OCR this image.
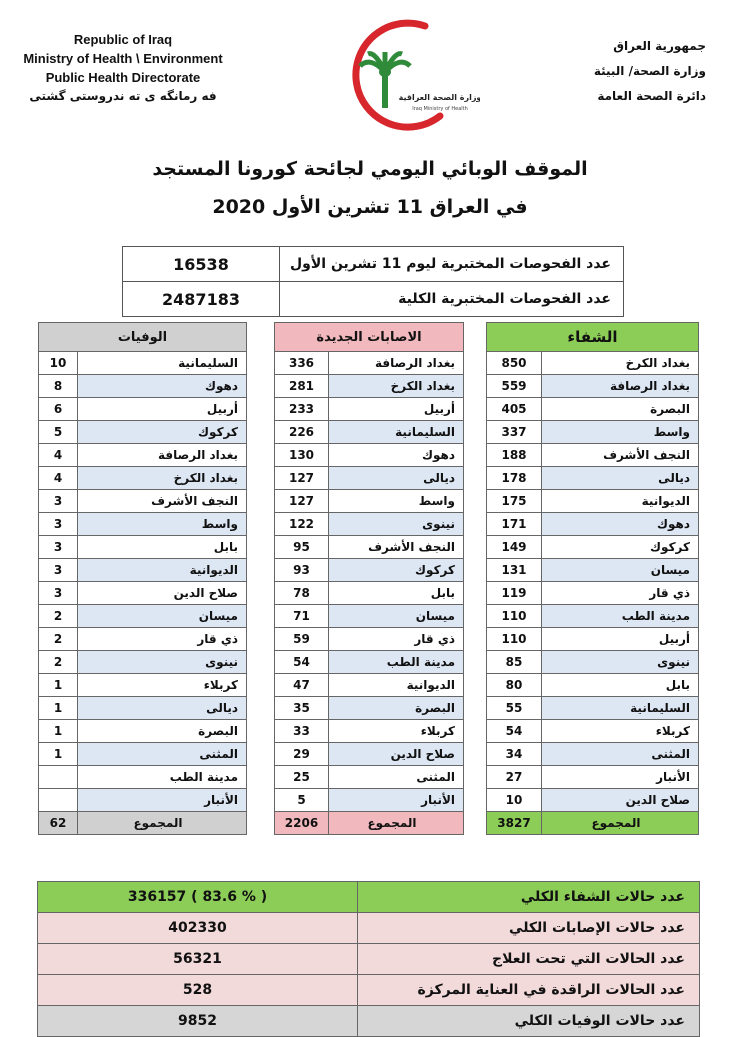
Republic of Iraq
Ministry of Health \ Environment
Public Health Directorate
فه رمانگه ی ته ندروستی گشتی
جمهورية العراق
وزارة الصحة/ البيئة
دائرة الصحة العامة
وزارة الصحة العراقية
Iraq Ministry of Health
الموقف الوبائي اليومي لجائحة كورونا المستجد
في العراق 11 تشرين الأول 2020
عدد الفحوصات المختبرية ليوم 11 تشرين الأول	16538
عدد الفحوصات المختبرية الكلية	2487183
الشفاء	
بغداد الكرخ	850
بغداد الرصافة	559
البصرة	405
واسط	337
النجف الأشرف	188
ديالى	178
الديوانية	175
دهوك	171
كركوك	149
ميسان	131
ذي قار	119
مدينة الطب	110
أربيل	110
نينوى	85
بابل	80
السليمانية	55
كربلاء	54
المثنى	34
الأنبار	27
صلاح الدين	10
المجموع	3827
الاصابات الجديدة	
بغداد الرصافة	336
بغداد الكرخ	281
أربيل	233
السليمانية	226
دهوك	130
ديالى	127
واسط	127
نينوى	122
النجف الأشرف	95
كركوك	93
بابل	78
ميسان	71
ذي قار	59
مدينة الطب	54
الديوانية	47
البصرة	35
كربلاء	33
صلاح الدين	29
المثنى	25
الأنبار	5
المجموع	2206
الوفيات	
السليمانية	10
دهوك	8
أربيل	6
كركوك	5
بغداد الرصافة	4
بغداد الكرخ	4
النجف الأشرف	3
واسط	3
بابل	3
الديوانية	3
صلاح الدين	3
ميسان	2
ذي قار	2
نينوى	2
كربلاء	1
ديالى	1
البصرة	1
المثنى	1
مدينة الطب	
الأنبار	
المجموع	62
عدد حالات الشفاء الكلي	336157 ( 83.6 % )
عدد حالات الإصابات الكلي	402330
عدد الحالات التي تحت العلاج	56321
عدد الحالات الراقدة في العناية المركزة	528
عدد حالات الوفيات الكلي	9852
